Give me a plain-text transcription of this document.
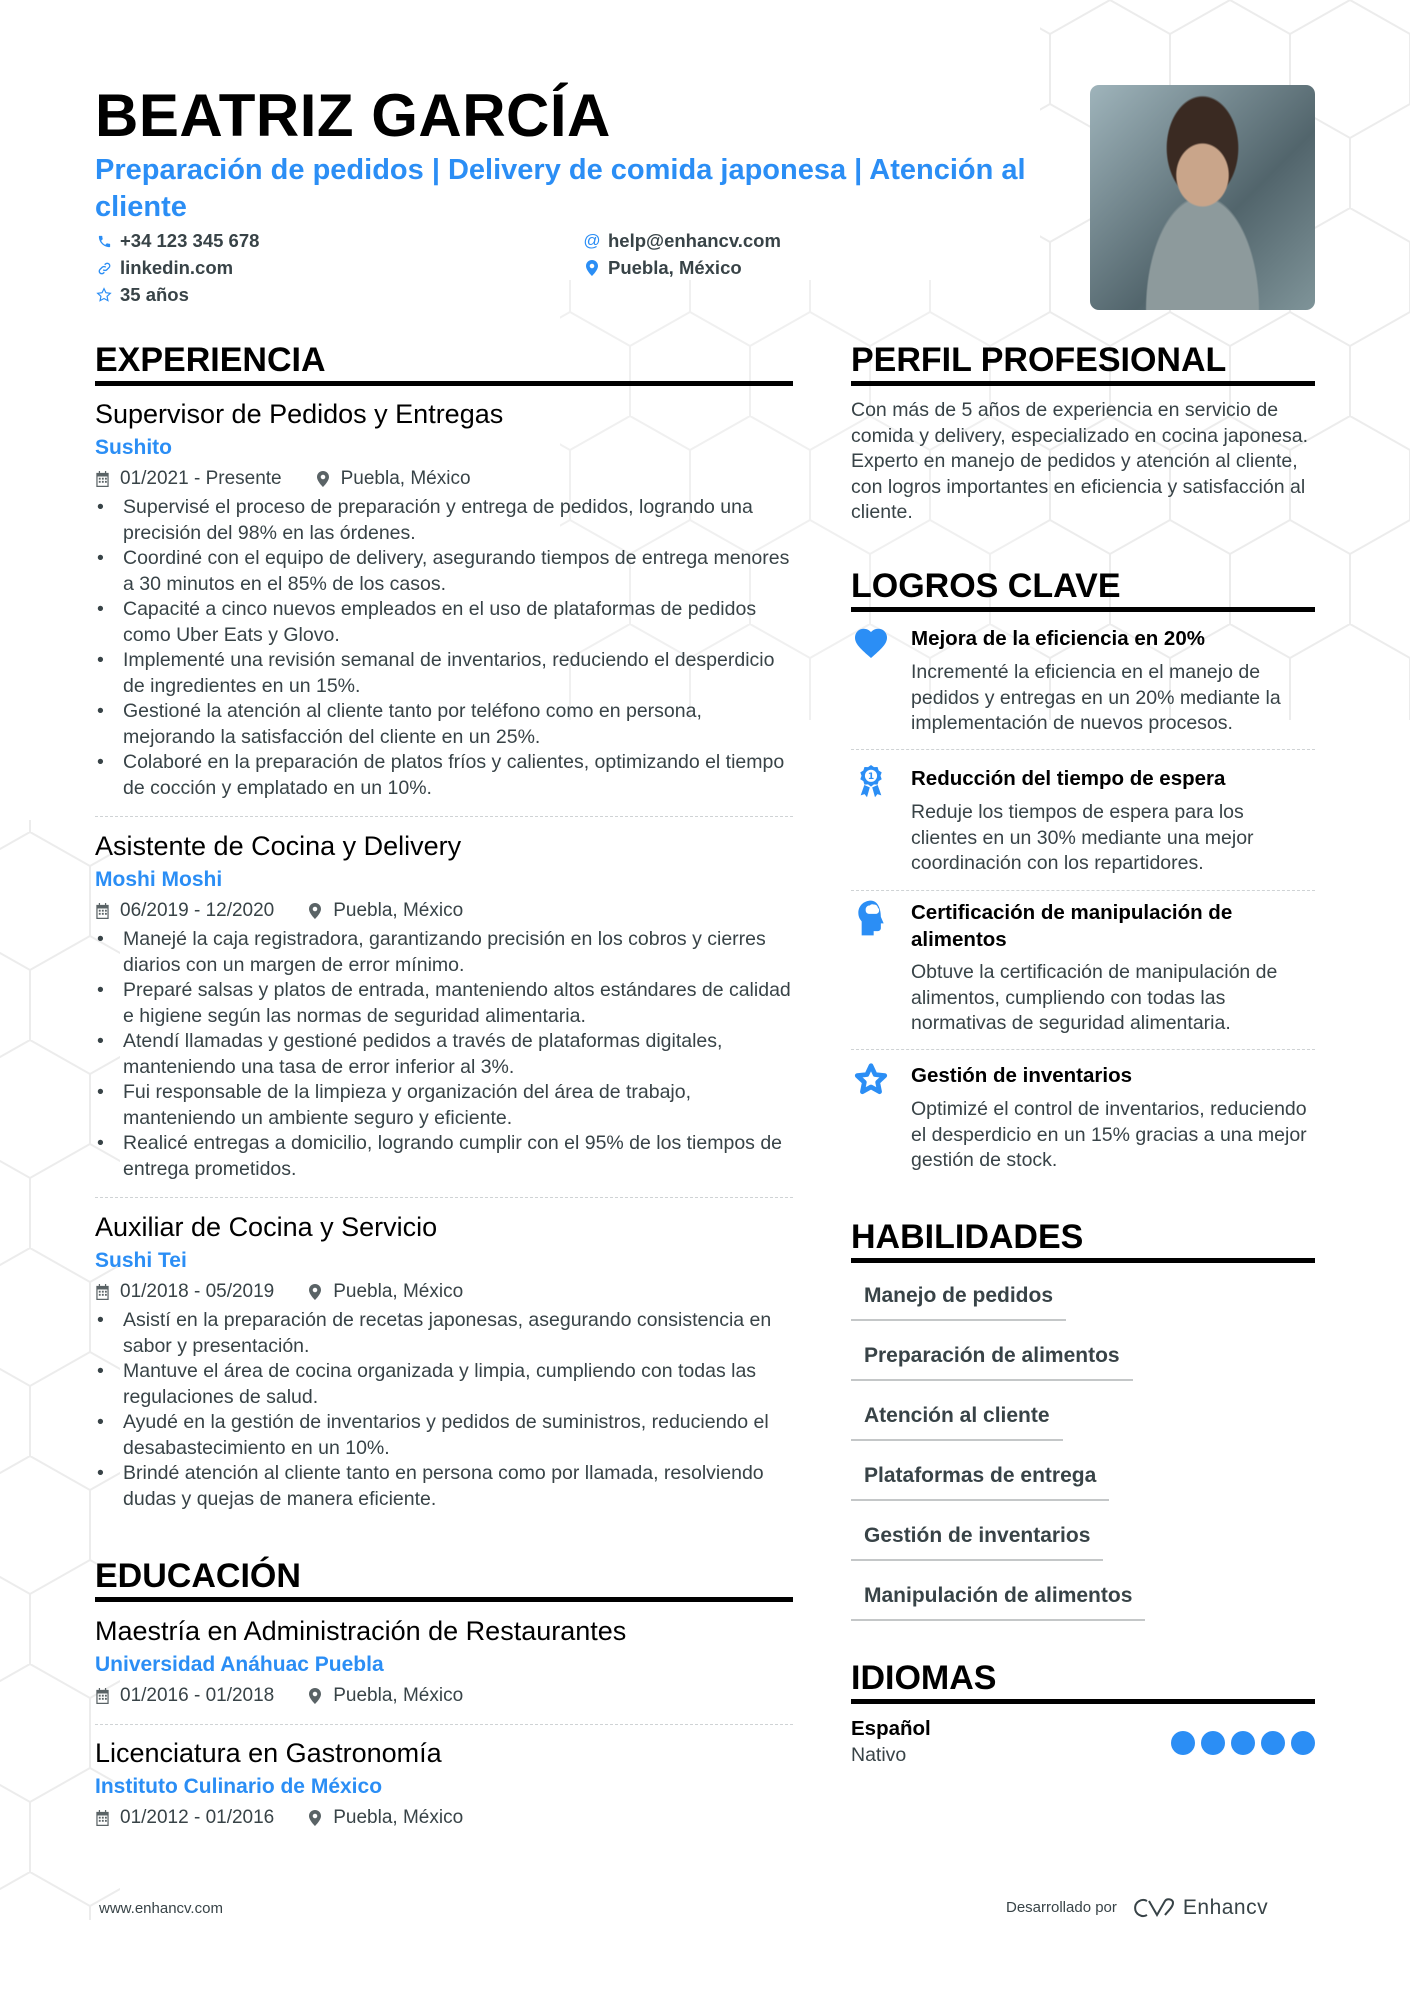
BEATRIZ GARCÍA
Preparación de pedidos | Delivery de comida japonesa | Atención al cliente
+34 123 345 678
linkedin.com
35 años
@ help@enhancv.com
Puebla, México
EXPERIENCIA
Supervisor de Pedidos y Entregas
Sushito
01/2021 - Presente	Puebla, México
• Supervisé el proceso de preparación y entrega de pedidos, logrando una precisión del 98% en las órdenes.
• Coordiné con el equipo de delivery, asegurando tiempos de entrega menores a 30 minutos en el 85% de los casos.
• Capacité a cinco nuevos empleados en el uso de plataformas de pedidos como Uber Eats y Glovo.
• Implementé una revisión semanal de inventarios, reduciendo el desperdicio de ingredientes en un 15%.
• Gestioné la atención al cliente tanto por teléfono como en persona, mejorando la satisfacción del cliente en un 25%.
• Colaboré en la preparación de platos fríos y calientes, optimizando el tiempo de cocción y emplatado en un 10%.
Asistente de Cocina y Delivery
Moshi Moshi
06/2019 - 12/2020	Puebla, México
• Manejé la caja registradora, garantizando precisión en los cobros y cierres diarios con un margen de error mínimo.
• Preparé salsas y platos de entrada, manteniendo altos estándares de calidad e higiene según las normas de seguridad alimentaria.
• Atendí llamadas y gestioné pedidos a través de plataformas digitales, manteniendo una tasa de error inferior al 3%.
• Fui responsable de la limpieza y organización del área de trabajo, manteniendo un ambiente seguro y eficiente.
• Realicé entregas a domicilio, logrando cumplir con el 95% de los tiempos de entrega prometidos.
Auxiliar de Cocina y Servicio
Sushi Tei
01/2018 - 05/2019	Puebla, México
• Asistí en la preparación de recetas japonesas, asegurando consistencia en sabor y presentación.
• Mantuve el área de cocina organizada y limpia, cumpliendo con todas las regulaciones de salud.
• Ayudé en la gestión de inventarios y pedidos de suministros, reduciendo el desabastecimiento en un 10%.
• Brindé atención al cliente tanto en persona como por llamada, resolviendo dudas y quejas de manera eficiente.
EDUCACIÓN
Maestría en Administración de Restaurantes
Universidad Anáhuac Puebla
01/2016 - 01/2018	Puebla, México
Licenciatura en Gastronomía
Instituto Culinario de México
01/2012 - 01/2016	Puebla, México
PERFIL PROFESIONAL
Con más de 5 años de experiencia en servicio de comida y delivery, especializado en cocina japonesa. Experto en manejo de pedidos y atención al cliente, con logros importantes en eficiencia y satisfacción al cliente.
LOGROS CLAVE
Mejora de la eficiencia en 20%
Incrementé la eficiencia en el manejo de pedidos y entregas en un 20% mediante la implementación de nuevos procesos.
1 Reducción del tiempo de espera
Reduje los tiempos de espera para los clientes en un 30% mediante una mejor coordinación con los repartidores.
Certificación de manipulación de alimentos
Obtuve la certificación de manipulación de alimentos, cumpliendo con todas las normativas de seguridad alimentaria.
Gestión de inventarios
Optimizé el control de inventarios, reduciendo el desperdicio en un 15% gracias a una mejor gestión de stock.
HABILIDADES
Manejo de pedidos
Preparación de alimentos
Atención al cliente
Plataformas de entrega
Gestión de inventarios
Manipulación de alimentos
IDIOMAS
Español
Nativo
www.enhancv.com	Desarrollado por	Enhancv
